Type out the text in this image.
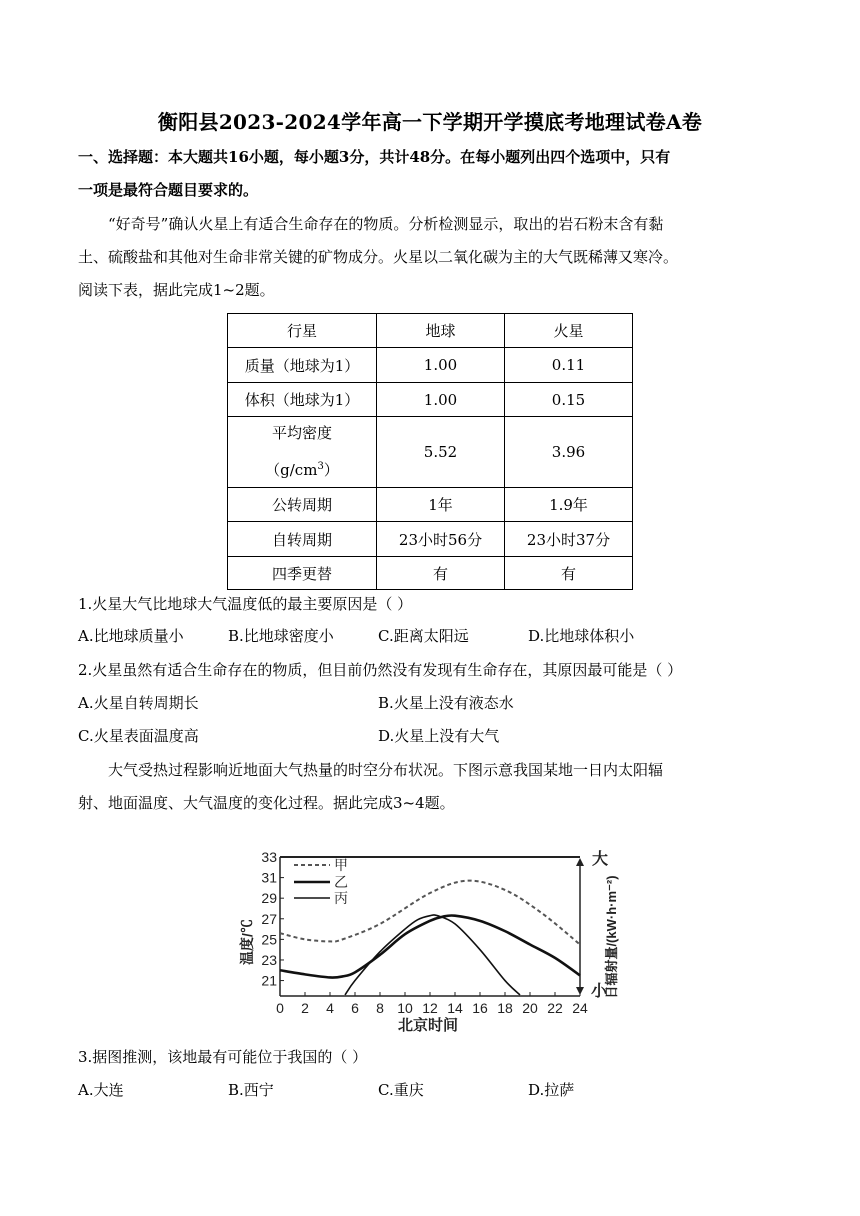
衡阳县2023-2024学年高一下学期开学摸底考地理试卷A卷
一、选择题：本大题共16小题，每小题3分，共计48分。在每小题列出四个选项中，只有
一项是最符合题目要求的。
“好奇号”确认火星上有适合生命存在的物质。分析检测显示，取出的岩石粉末含有黏
土、硫酸盐和其他对生命非常关键的矿物成分。火星以二氧化碳为主的大气既稀薄又寒冷。
阅读下表，据此完成1~2题。
行星	地球	火星
质量（地球为1）	1.00	0.11
体积（地球为1）	1.00	0.15

平均密度
$(g/cm^3)$	5.52	3.96
公转周期	1年	1.9年
自转周期	23小时56分	23小时37分
四季更替	有	有
1.火星大气比地球大气温度低的最主要原因是（ ）
A.比地球质量小	B.比地球密度小	C.距离太阳远	D.比地球体积小
2.火星虽然有适合生命存在的物质，但目前仍然没有发现有生命存在，其原因最可能是（ ）
A.火星自转周期长	B.火星上没有液态水
C.火星表面温度高	D.火星上没有大气
大气受热过程影响近地面大气热量的时空分布状况。下图示意我国某地一日内太阳辐
射、地面温度、大气温度的变化过程。据此完成3~4题。
0 2 4 6 8 10 12 14 16 18 20 22 24
21
23
25
27
29
31
33	甲
乙
丙
温度/℃	日辐射量/(kW·h·m⁻²)
大
小
北京时间
3.据图推测，该地最有可能位于我国的（ ）
A.大连	B.西宁	C.重庆	D.拉萨
